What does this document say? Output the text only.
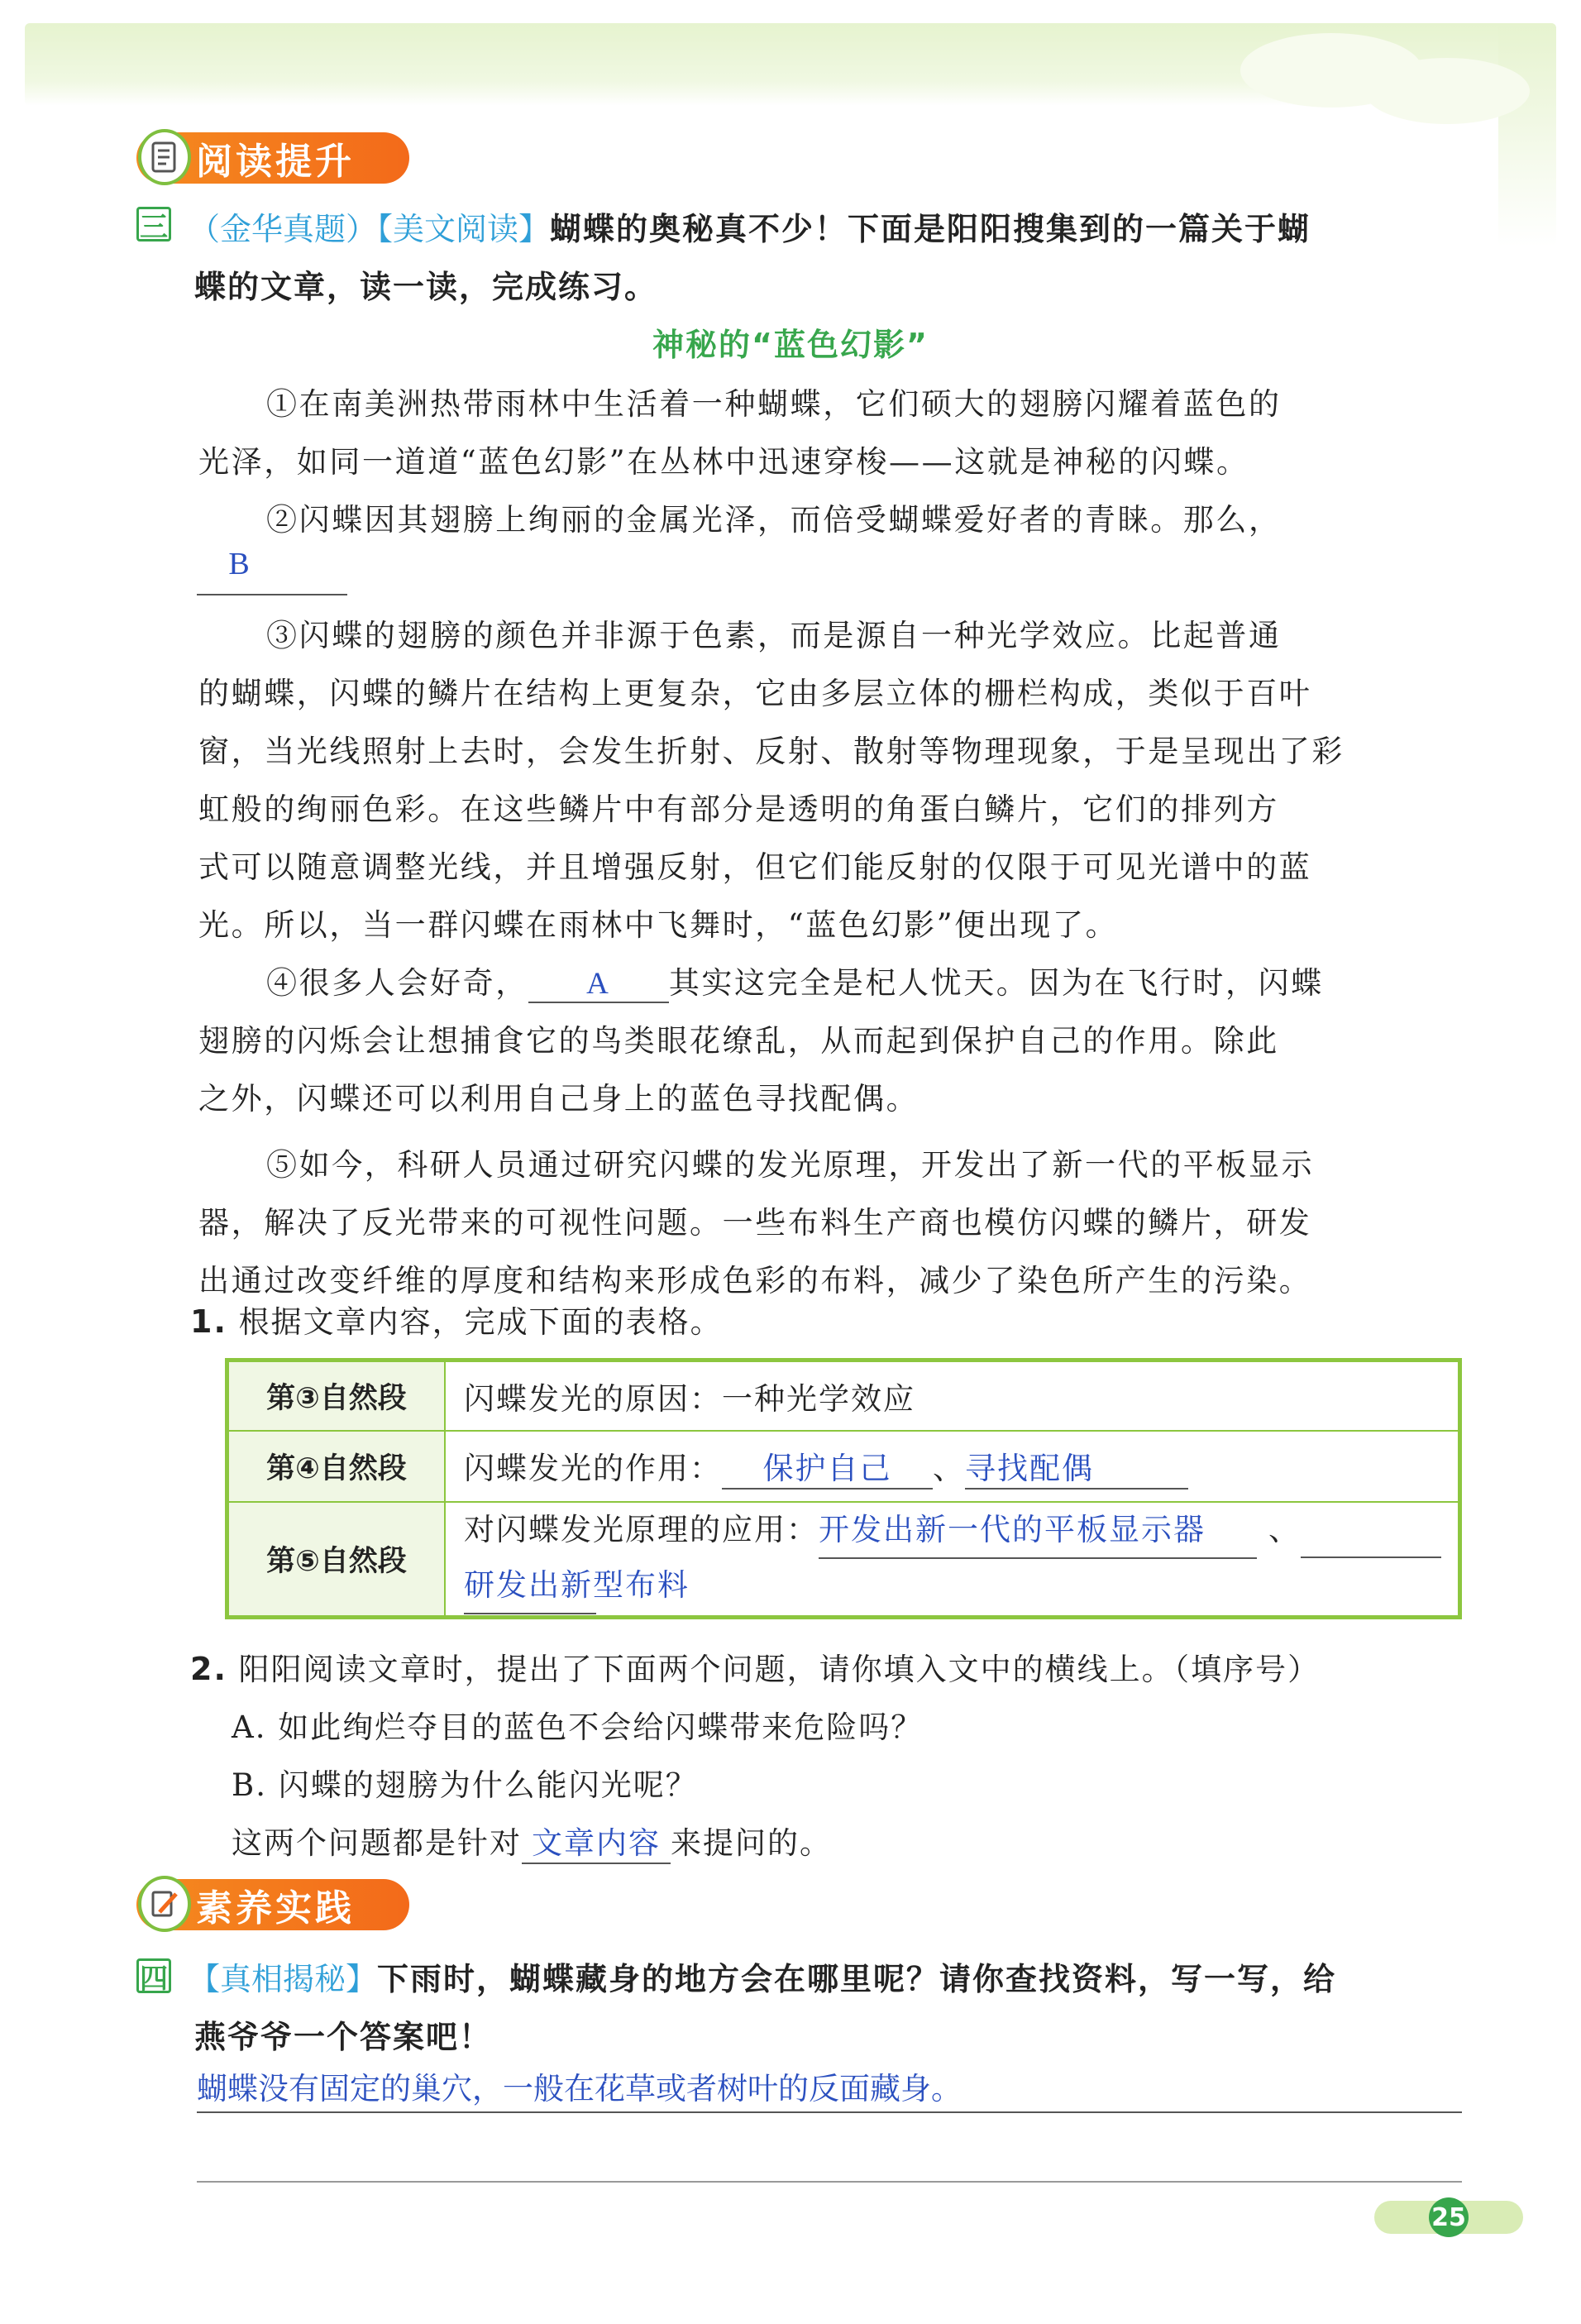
阅读提升
三 （金华真题）【美文阅读】蝴蝶的奥秘真不少！下面是阳阳搜集到的一篇关于蝴
蝶的文章，读一读，完成练习。
神秘的“蓝色幻影”
①在南美洲热带雨林中生活着一种蝴蝶，它们硕大的翅膀闪耀着蓝色的
光泽，如同一道道“蓝色幻影”在丛林中迅速穿梭——这就是神秘的闪蝶。
②闪蝶因其翅膀上绚丽的金属光泽，而倍受蝴蝶爱好者的青睐。那么，
B
③闪蝶的翅膀的颜色并非源于色素，而是源自一种光学效应。比起普通
的蝴蝶，闪蝶的鳞片在结构上更复杂，它由多层立体的栅栏构成，类似于百叶
窗，当光线照射上去时，会发生折射、反射、散射等物理现象，于是呈现出了彩
虹般的绚丽色彩。在这些鳞片中有部分是透明的角蛋白鳞片，它们的排列方
式可以随意调整光线，并且增强反射，但它们能反射的仅限于可见光谱中的蓝
光。所以，当一群闪蝶在雨林中飞舞时，“蓝色幻影”便出现了。
④很多人会好奇， A 其实这完全是杞人忧天。因为在飞行时，闪蝶
翅膀的闪烁会让想捕食它的鸟类眼花缭乱，从而起到保护自己的作用。除此
之外，闪蝶还可以利用自己身上的蓝色寻找配偶。
⑤如今，科研人员通过研究闪蝶的发光原理，开发出了新一代的平板显示
器，解决了反光带来的可视性问题。一些布料生产商也模仿闪蝶的鳞片，研发
出通过改变纤维的厚度和结构来形成色彩的布料，减少了染色所产生的污染。
1. 根据文章内容，完成下面的表格。
第③自然段	闪蝶发光的原因：一种光学效应
第④自然段	闪蝶发光的作用： 保护自己 、寻找配偶
第⑤自然段	对闪蝶发光原理的应用：开发出新一代的平板显示器 、
研发出新型布料
2. 阳阳阅读文章时，提出了下面两个问题，请你填入文中的横线上。（填序号）
A. 如此绚烂夺目的蓝色不会给闪蝶带来危险吗？
B. 闪蝶的翅膀为什么能闪光呢？
这两个问题都是针对 文章内容 来提问的。
素养实践
四 【真相揭秘】下雨时，蝴蝶藏身的地方会在哪里呢？请你查找资料，写一写，给
燕爷爷一个答案吧！
蝴蝶没有固定的巢穴，一般在花草或者树叶的反面藏身。
25
